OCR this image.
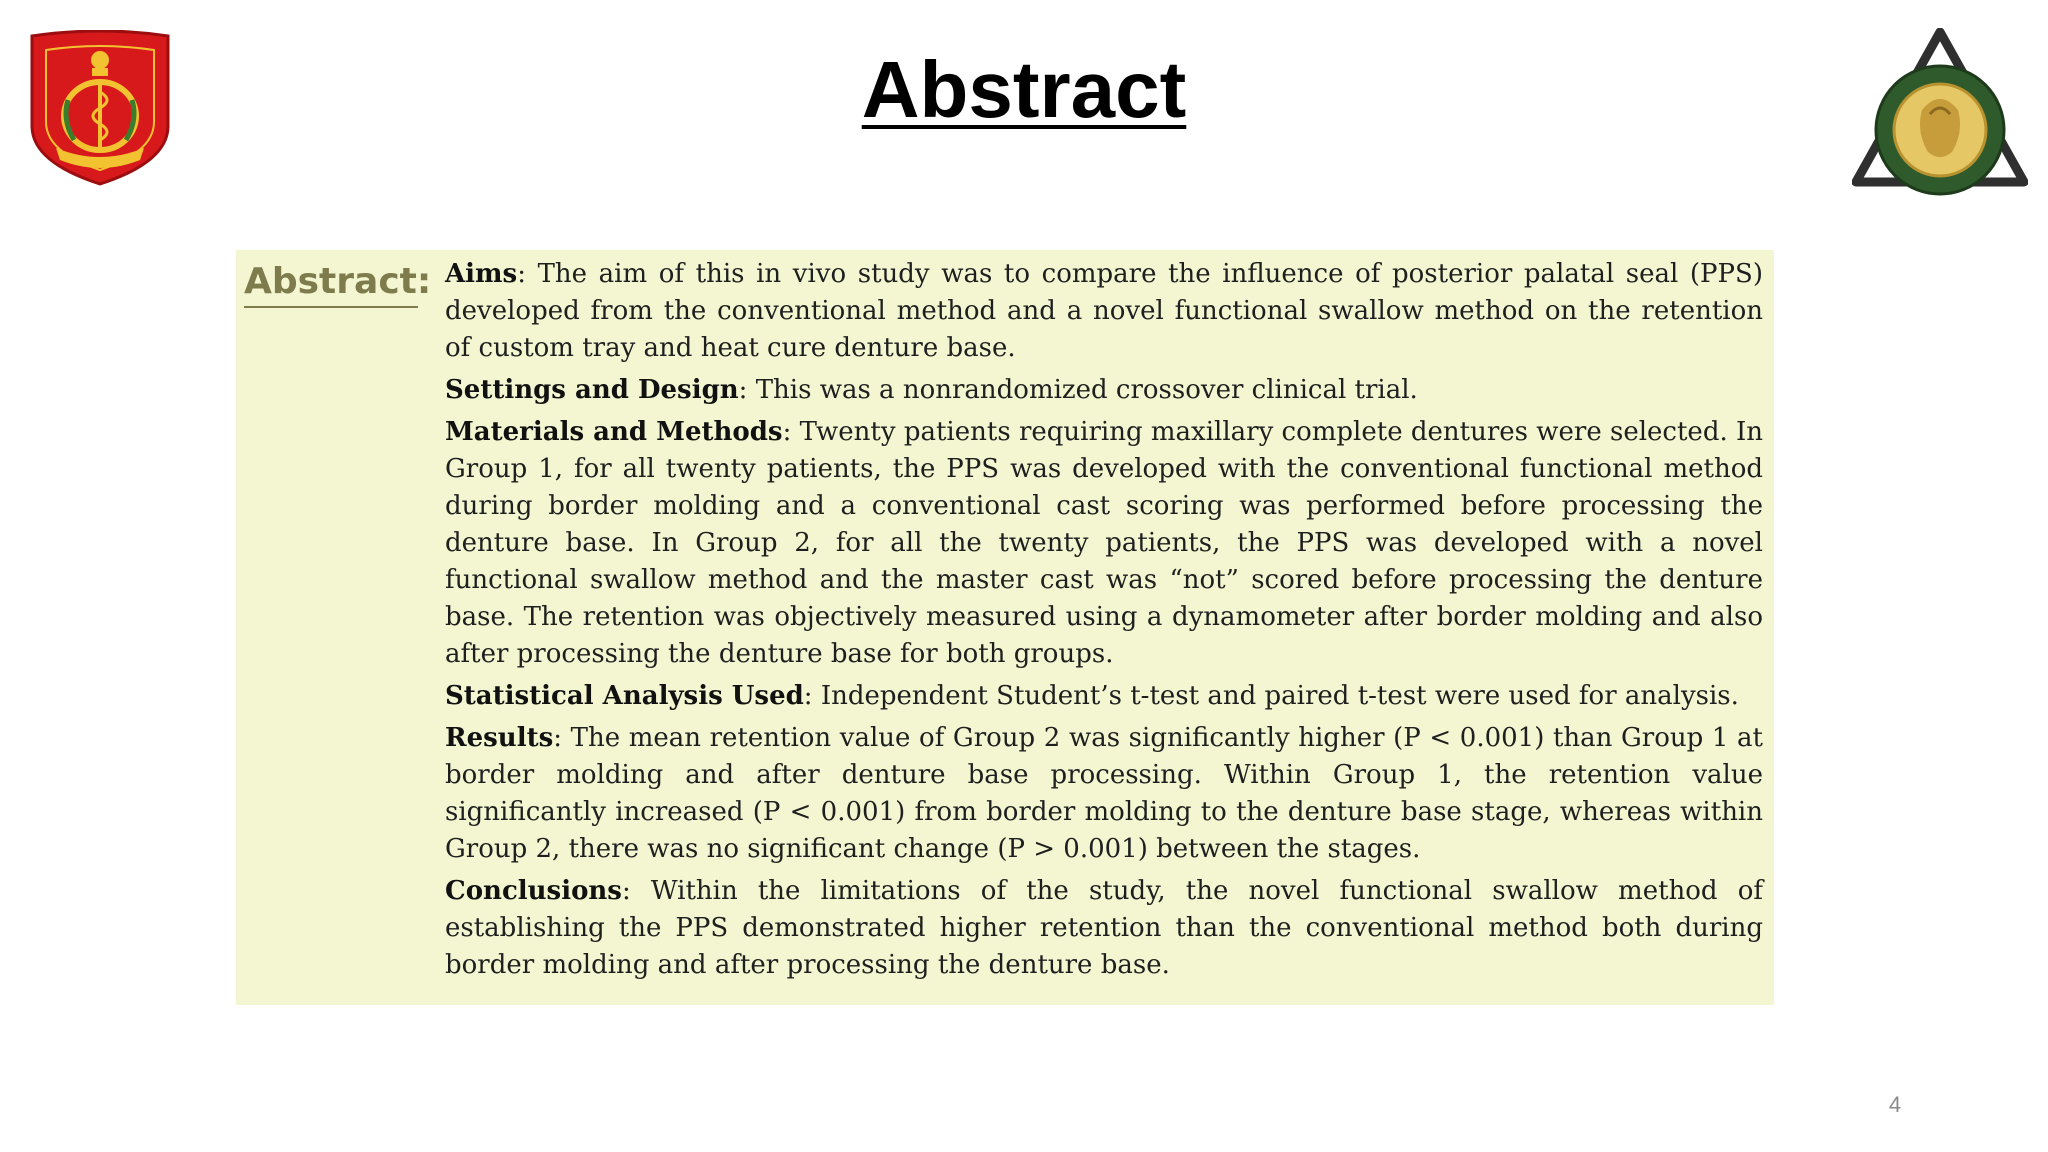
Abstract
Abstract: Aims: The aim of this in vivo study was to compare the influence of posterior palatal seal (PPS) developed from the conventional method and a novel functional swallow method on the retention of custom tray and heat cure denture base.

Settings and Design: This was a nonrandomized crossover clinical trial.

Materials and Methods: Twenty patients requiring maxillary complete dentures were selected. In Group 1, for all twenty patients, the PPS was developed with the conventional functional method during border molding and a conventional cast scoring was performed before processing the denture base. In Group 2, for all the twenty patients, the PPS was developed with a novel functional swallow method and the master cast was “not” scored before processing the denture base. The retention was objectively measured using a dynamometer after border molding and also after processing the denture base for both groups.

Statistical Analysis Used: Independent Student’s t-test and paired t-test were used for analysis.

Results: The mean retention value of Group 2 was significantly higher (P < 0.001) than Group 1 at border molding and after denture base processing. Within Group 1, the retention value significantly increased (P < 0.001) from border molding to the denture base stage, whereas within Group 2, there was no significant change (P > 0.001) between the stages.

Conclusions: Within the limitations of the study, the novel functional swallow method of establishing the PPS demonstrated higher retention than the conventional method both during border molding and after processing the denture base.

4
